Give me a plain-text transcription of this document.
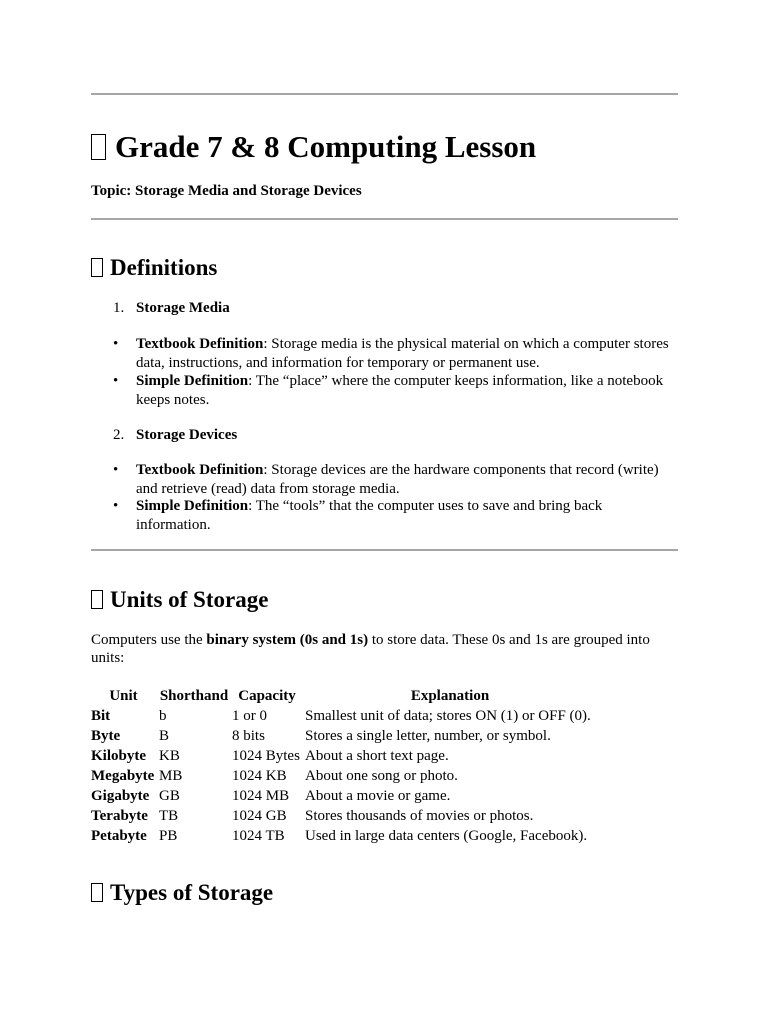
Grade 7 & 8 Computing Lesson
Topic: Storage Media and Storage Devices
Definitions
1. Storage Media
• Textbook Definition: Storage media is the physical material on which a computer stores data, instructions, and information for temporary or permanent use.
• Simple Definition: The “place” where the computer keeps information, like a notebook keeps notes.
2. Storage Devices
• Textbook Definition: Storage devices are the hardware components that record (write) and retrieve (read) data from storage media.
• Simple Definition: The “tools” that the computer uses to save and bring back information.
Units of Storage
Computers use the binary system (0s and 1s) to store data. These 0s and 1s are grouped into units:
Unit	Shorthand	Capacity	Explanation
Bit	b	1 or 0	Smallest unit of data; stores ON (1) or OFF (0).
Byte	B	8 bits	Stores a single letter, number, or symbol.
Kilobyte	KB	1024 Bytes	About a short text page.
Megabyte	MB	1024 KB	About one song or photo.
Gigabyte	GB	1024 MB	About a movie or game.
Terabyte	TB	1024 GB	Stores thousands of movies or photos.
Petabyte	PB	1024 TB	Used in large data centers (Google, Facebook).
Types of Storage
